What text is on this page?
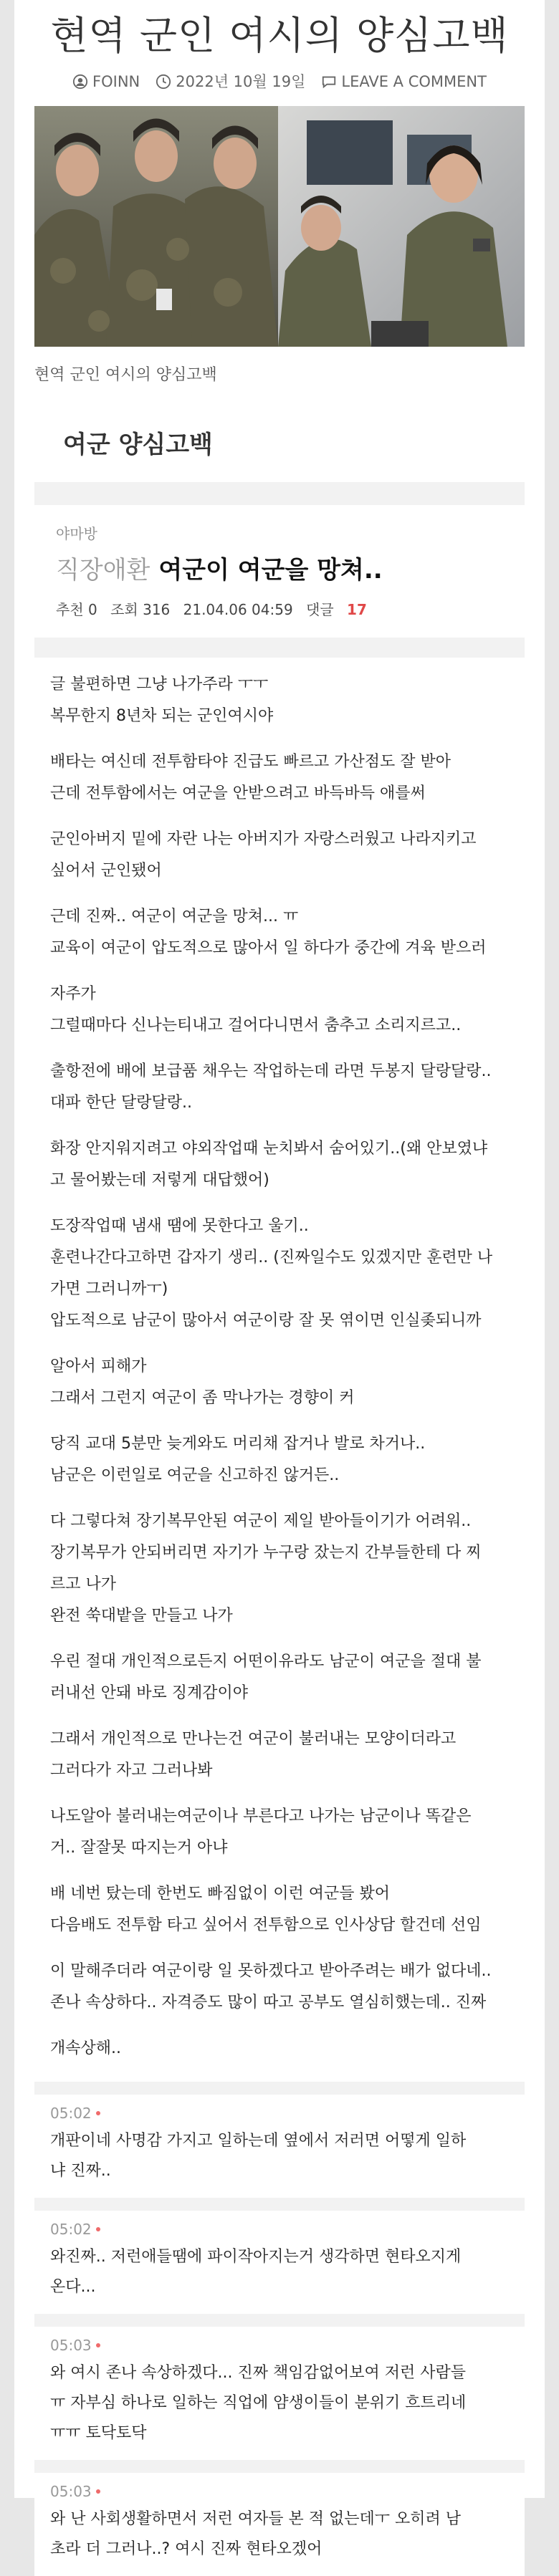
현역 군인 여시의 양심고백
FOINN 2022년 10월 19일 LEAVE A COMMENT
현역 군인 여시의 양심고백
여군 양심고백
야마방
직장애환 여군이 여군을 망쳐..
추천 0 조회 316 21.04.06 04:59 댓글 17
글 불편하면 그냥 나가주라 ㅜㅜ
복무한지 8년차 되는 군인여시야
배타는 여신데 전투함타야 진급도 빠르고 가산점도 잘 받아
근데 전투함에서는 여군을 안받으려고 바득바득 애를써
군인아버지 밑에 자란 나는 아버지가 자랑스러웠고 나라지키고
싶어서 군인됐어
근데 진짜.. 여군이 여군을 망쳐... ㅠ
교육이 여군이 압도적으로 많아서 일 하다가 중간에 겨육 받으러
자주가
그럴때마다 신나는티내고 걸어다니면서 춤추고 소리지르고..
출항전에 배에 보급품 채우는 작업하는데 라면 두봉지 달랑달랑..
대파 한단 달랑달랑..
화장 안지워지려고 야외작업때 눈치봐서 숨어있기..(왜 안보였냐
고 물어봤는데 저렇게 대답했어)
도장작업때 냄새 땜에 못한다고 울기..
훈련나간다고하면 갑자기 생리.. (진짜일수도 있겠지만 훈련만 나
가면 그러니까ㅜ)
압도적으로 남군이 많아서 여군이랑 잘 못 엮이면 인실좆되니까
알아서 피해가
그래서 그런지 여군이 좀 막나가는 경향이 커
당직 교대 5분만 늦게와도 머리채 잡거나 발로 차거나..
남군은 이런일로 여군을 신고하진 않거든..
다 그렇다쳐 장기복무안된 여군이 제일 받아들이기가 어려워..
장기복무가 안되버리면 자기가 누구랑 잤는지 간부들한테 다 찌
르고 나가
완전 쑥대밭을 만들고 나가
우린 절대 개인적으로든지 어떤이유라도 남군이 여군을 절대 불
러내선 안돼 바로 징계감이야
그래서 개인적으로 만나는건 여군이 불러내는 모양이더라고
그러다가 자고 그러나봐
나도알아 불러내는여군이나 부른다고 나가는 남군이나 똑같은
거.. 잘잘못 따지는거 아냐
배 네번 탔는데 한번도 빠짐없이 이런 여군들 봤어
다음배도 전투함 타고 싶어서 전투함으로 인사상담 할건데 선임
이 말해주더라 여군이랑 일 못하겠다고 받아주려는 배가 없다네..
존나 속상하다.. 자격증도 많이 따고 공부도 열심히했는데.. 진짜
개속상해..
05:02
개판이네 사명감 가지고 일하는데 옆에서 저러면 어떻게 일하
냐 진짜..
05:02
와진짜.. 저런애들땜에 파이작아지는거 생각하면 현타오지게
온다...
05:03
와 여시 존나 속상하겠다... 진짜 책임감없어보여 저런 사람들
ㅠ 자부심 하나로 일하는 직업에 얌생이들이 분위기 흐트리네
ㅠㅠ 토닥토닥
05:03
와 난 사회생활하면서 저런 여자들 본 적 없는데ㅜ 오히려 남
초라 더 그러나..? 여시 진짜 현타오겠어
